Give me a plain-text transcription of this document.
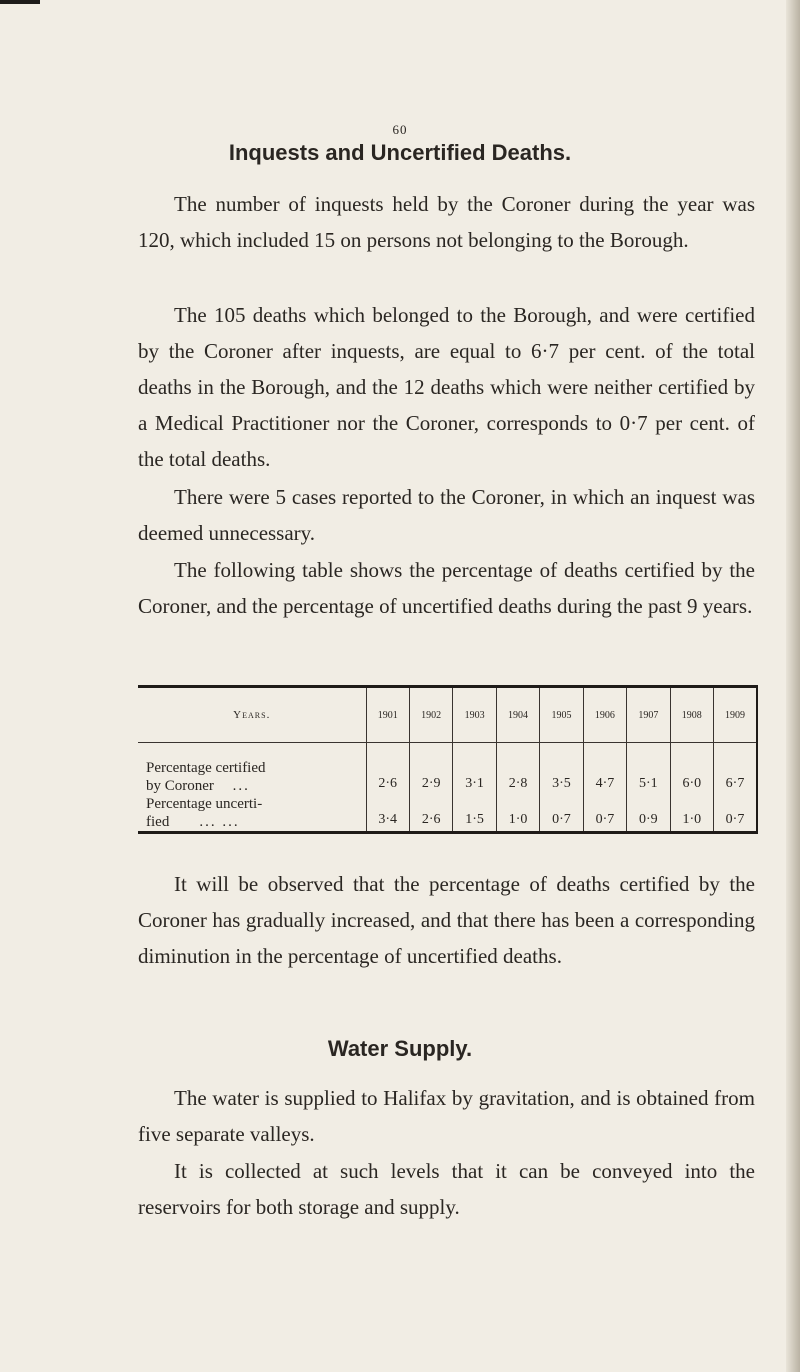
60
Inquests and Uncertified Deaths.

The number of inquests held by the Coroner during the year was 120, which included 15 on persons not belonging to the Borough.

The 105 deaths which belonged to the Borough, and were certified by the Coroner after inquests, are equal to 6·7 per cent. of the total deaths in the Borough, and the 12 deaths which were neither certified by a Medical Practitioner nor the Coroner, corresponds to 0·7 per cent. of the total deaths.

There were 5 cases reported to the Coroner, in which an inquest was deemed unnecessary.

The following table shows the percentage of deaths certified by the Coroner, and the percentage of uncertified deaths during the past 9 years.

Years.	1901	1902	1903	1904	1905	1906	1907	1908	1909

Percentage certified
by Coroner ...	2·6	2·9	3·1	2·8	3·5	4·7	5·1	6·0	6·7

Percentage uncerti-
fied ... ...	3·4	2·6	1·5	1·0	0·7	0·7	0·9	1·0	0·7

It will be observed that the percentage of deaths certified by the Coroner has gradually increased, and that there has been a corresponding diminution in the percentage of uncertified deaths.

Water Supply.

The water is supplied to Halifax by gravitation, and is obtained from five separate valleys.

It is collected at such levels that it can be conveyed into the reservoirs for both storage and supply.
